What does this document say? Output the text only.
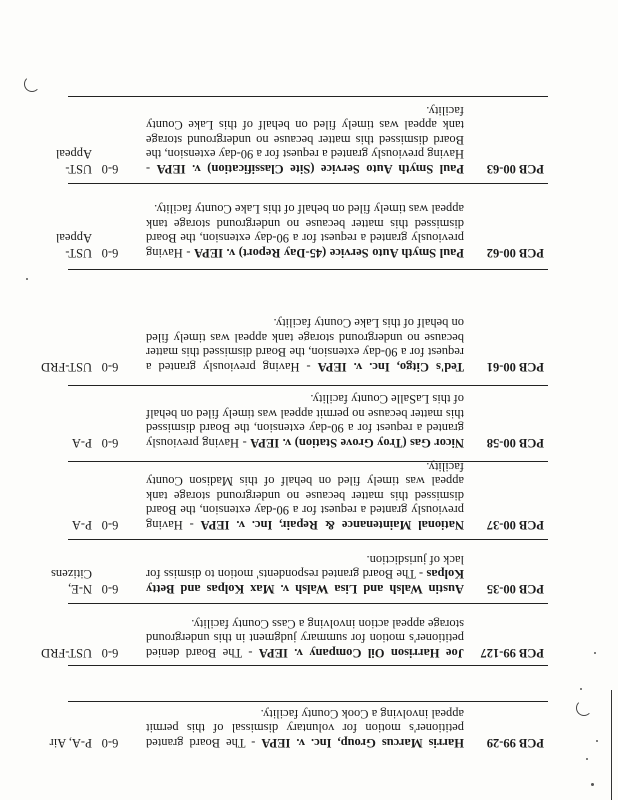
PCB 99-29
Harris Marcus Group, Inc. v. IEPA - The Board granted petitioner's motion for voluntary dismissal of this permit appeal involving a Cook County facility.
6-0
P-A, Air
PCB 99-127
Joe Harrison Oil Company v. IEPA - The Board denied petitioner's motion for summary judgment in this underground storage appeal action involving a Cass County facility.
6-0
UST-FRD
PCB 00-35
Austin Walsh and Lisa Walsh v. Max Kolpas and Betty Kolpas - The Board granted respondents' motion to dismiss for lack of jurisdiction.
6-0
N-E, Citizens
PCB 00-37
National Maintenance & Repair, Inc. v. IEPA - Having previously granted a request for a 90-day extension, the Board dismissed this matter because no underground storage tank appeal was timely filed on behalf of this Madison County facility.
6-0
P-A
PCB 00-58
Nicor Gas (Troy Grove Station) v. IEPA - Having previously granted a request for a 90-day extension, the Board dismissed this matter because no permit appeal was timely filed on behalf of this LaSalle County facility.
6-0
P-A
PCB 00-61
Ted's Citgo, Inc. v. IEPA - Having previously granted a request for a 90-day extension, the Board dismissed this matter because no underground storage tank appeal was timely filed on behalf of this Lake County facility.
6-0
UST-FRD
PCB 00-62
Paul Smyth Auto Service (45-Day Report) v. IEPA - Having previously granted a request for a 90-day extension, the Board dismissed this matter because no underground storage tank appeal was timely filed on behalf of this Lake County facility.
6-0
UST-Appeal
PCB 00-63
Paul Smyth Auto Service (Site Classification) v. IEPA - Having previously granted a request for a 90-day extension, the Board dismissed this matter because no underground storage tank appeal was timely filed on behalf of this Lake County facility.
6-0
UST-Appeal
